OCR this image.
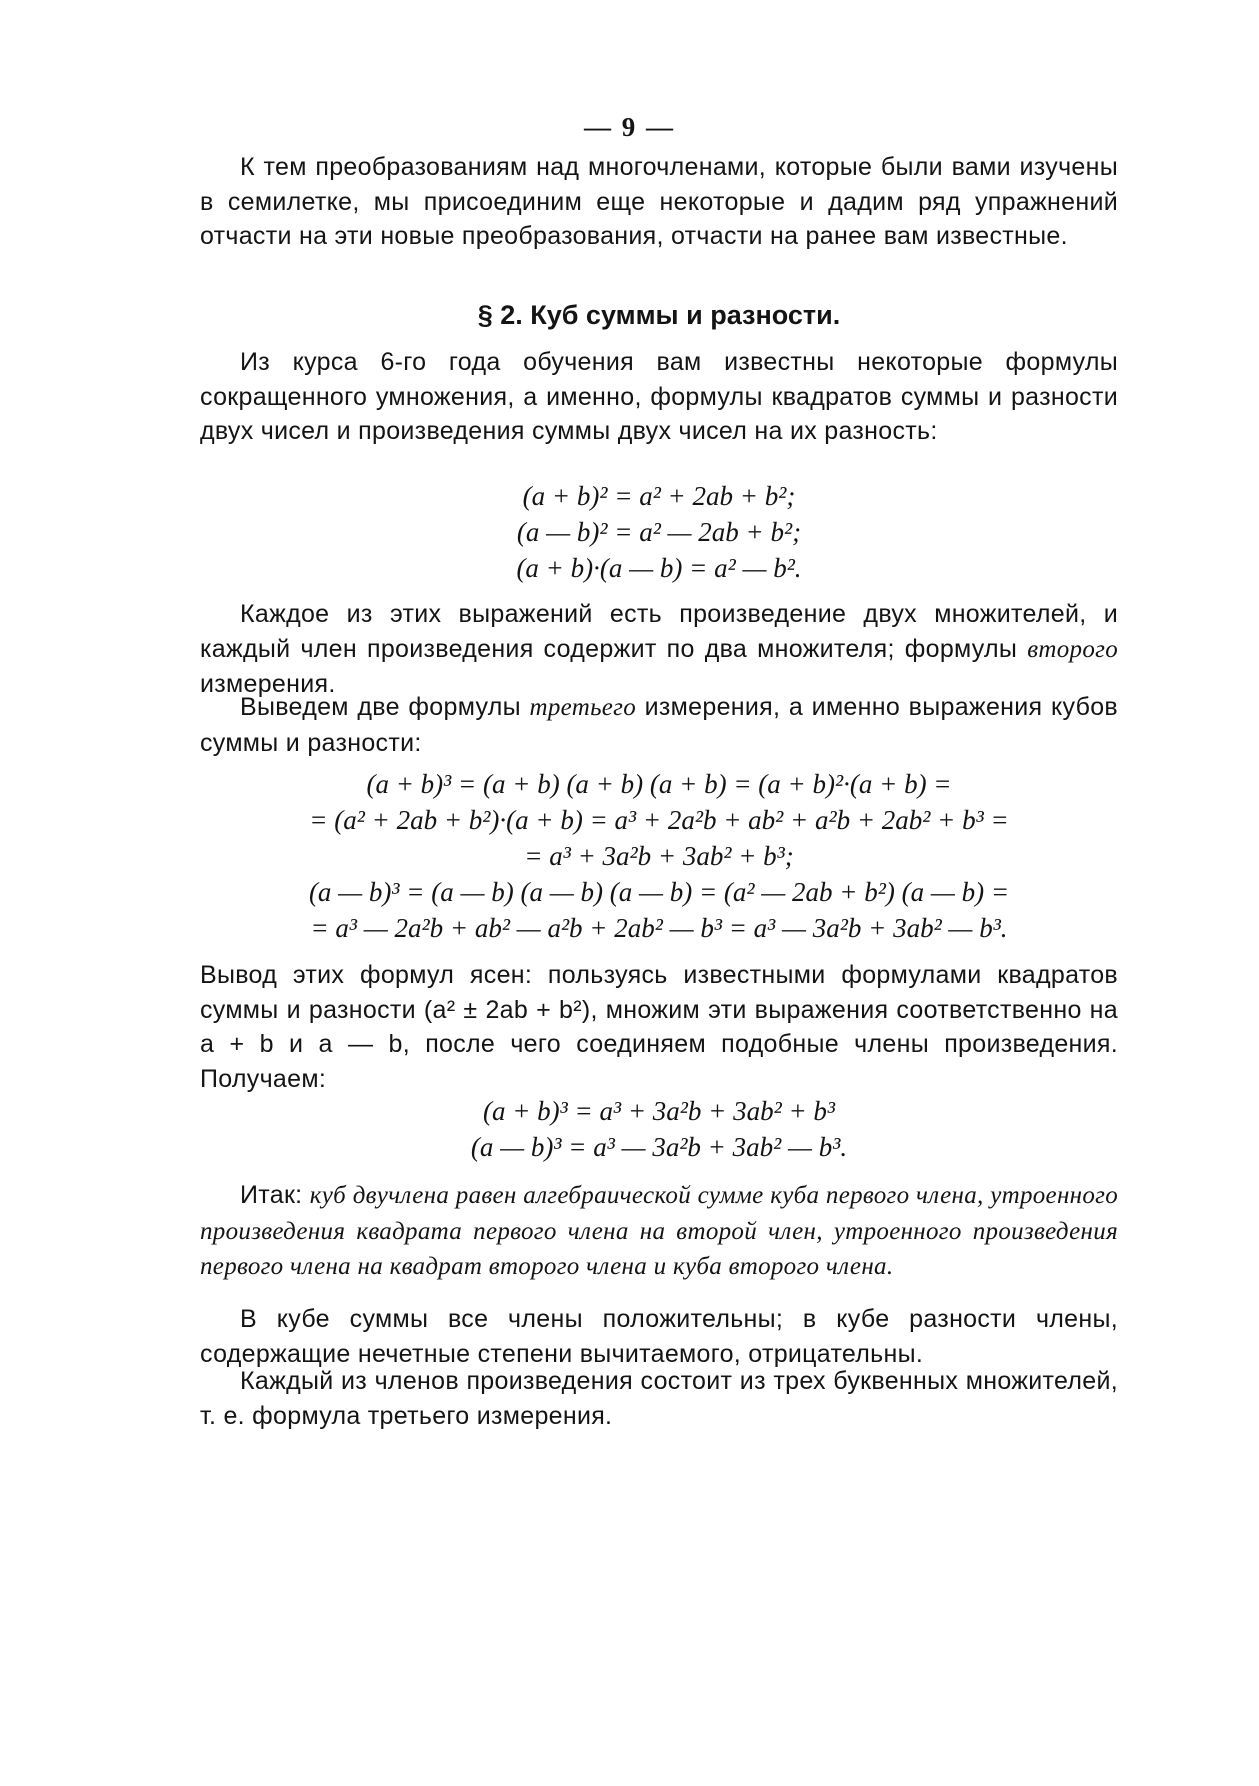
— 9 —

К тем преобразованиям над многочленами, которые были вами изучены в семилетке, мы присоединим еще некоторые и дадим ряд упражнений отчасти на эти новые преобразования, отчасти на ранее вам известные.

§ 2. Куб суммы и разности.

Из курса 6-го года обучения вам известны некоторые формулы сокращенного умножения, а именно, формулы квадратов суммы и разности двух чисел и произведения суммы двух чисел на их разность:

(a + b)² = a² + 2ab + b²;
(a — b)² = a² — 2ab + b²;
(a + b)·(a — b) = a² — b².

Каждое из этих выражений есть произведение двух множителей, и каждый член произведения содержит по два множителя; формулы второго измерения.

Выведем две формулы третьего измерения, а именно выражения кубов суммы и разности:

(a + b)³ = (a + b) (a + b) (a + b) = (a + b)²·(a + b) =
= (a² + 2ab + b²)·(a + b) = a³ + 2a²b + ab² + a²b + 2ab² + b³ =
= a³ + 3a²b + 3ab² + b³;
(a — b)³ = (a — b) (a — b) (a — b) = (a² — 2ab + b²) (a — b) =
= a³ — 2a²b + ab² — a²b + 2ab² — b³ = a³ — 3a²b + 3ab² — b³.

Вывод этих формул ясен: пользуясь известными формулами квадратов суммы и разности (a² ± 2ab + b²), множим эти выражения соответственно на a + b и a — b, после чего соединяем подобные члены произведения. Получаем:

(a + b)³ = a³ + 3a²b + 3ab² + b³
(a — b)³ = a³ — 3a²b + 3ab² — b³.

Итак: куб двучлена равен алгебраической сумме куба первого члена, утроенного произведения квадрата первого члена на второй член, утроенного произведения первого члена на квадрат второго члена и куба второго члена.

В кубе суммы все члены положительны; в кубе разности члены, содержащие нечетные степени вычитаемого, отрицательны.

Каждый из членов произведения состоит из трех буквенных множителей, т. е. формула третьего измерения.
